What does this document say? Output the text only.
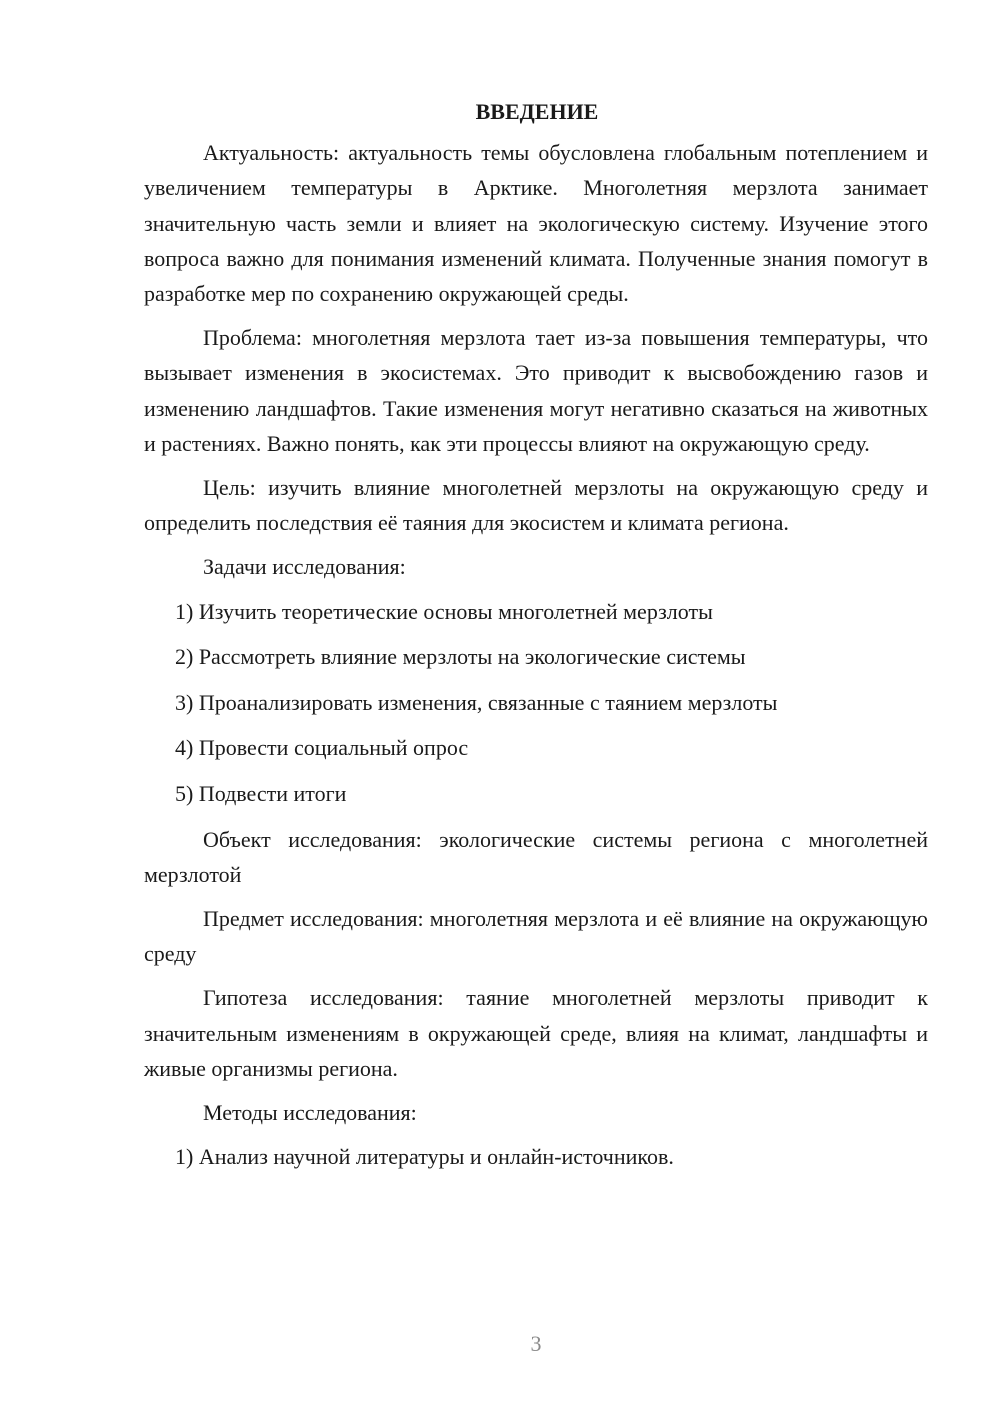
ВВЕДЕНИЕ
Актуальность: актуальность темы обусловлена глобальным потеплением и увеличением температуры в Арктике. Многолетняя мерзлота занимает значительную часть земли и влияет на экологическую систему. Изучение этого вопроса важно для понимания изменений климата. Полученные знания помогут в разработке мер по сохранению окружающей среды.
Проблема: многолетняя мерзлота тает из-за повышения температуры, что вызывает изменения в экосистемах. Это приводит к высвобождению газов и изменению ландшафтов. Такие изменения могут негативно сказаться на животных и растениях. Важно понять, как эти процессы влияют на окружающую среду.
Цель: изучить влияние многолетней мерзлоты на окружающую среду и определить последствия её таяния для экосистем и климата региона.
Задачи исследования:
1) Изучить теоретические основы многолетней мерзлоты
2) Рассмотреть влияние мерзлоты на экологические системы
3) Проанализировать изменения, связанные с таянием мерзлоты
4) Провести социальный опрос
5) Подвести итоги
Объект исследования: экологические системы региона с многолетней мерзлотой
Предмет исследования: многолетняя мерзлота и её влияние на окружающую среду
Гипотеза исследования: таяние многолетней мерзлоты приводит к значительным изменениям в окружающей среде, влияя на климат, ландшафты и живые организмы региона.
Методы исследования:
1) Анализ научной литературы и онлайн-источников.
3
